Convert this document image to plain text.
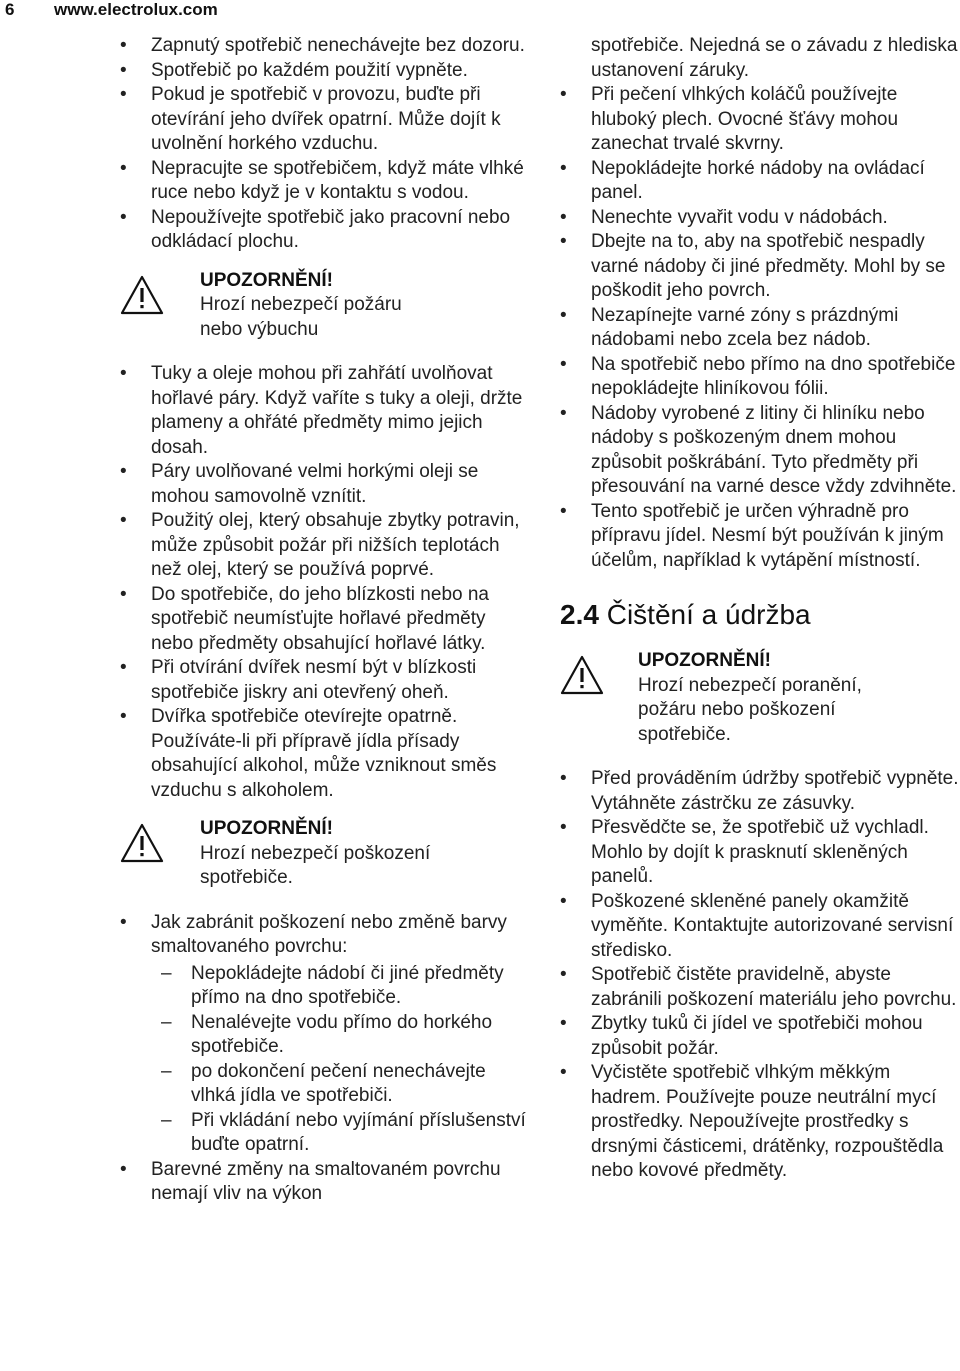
6 www.electrolux.com
• Zapnutý spotřebič nenechávejte bez dozoru.
• Spotřebič po každém použití vypněte.
• Pokud je spotřebič v provozu, buďte při otevírání jeho dvířek opatrní. Může dojít k uvolnění horkého vzduchu.
• Nepracujte se spotřebičem, když máte vlhké ruce nebo když je v kontaktu s vodou.
• Nepoužívejte spotřebič jako pracovní nebo odkládací plochu.
UPOZORNĚNÍ!
Hrozí nebezpečí požáru
nebo výbuchu
• Tuky a oleje mohou při zahřátí uvolňovat hořlavé páry. Když vaříte s tuky a oleji, držte plameny a ohřáté předměty mimo jejich dosah.
• Páry uvolňované velmi horkými oleji se mohou samovolně vznítit.
• Použitý olej, který obsahuje zbytky potravin, může způsobit požár při nižších teplotách než olej, který se používá poprvé.
• Do spotřebiče, do jeho blízkosti nebo na spotřebič neumísťujte hořlavé předměty nebo předměty obsahující hořlavé látky.
• Při otvírání dvířek nesmí být v blízkosti spotřebiče jiskry ani otevřený oheň.
• Dvířka spotřebiče otevírejte opatrně. Používáte-li při přípravě jídla přísady obsahující alkohol, může vzniknout směs vzduchu s alkoholem.
UPOZORNĚNÍ!
Hrozí nebezpečí poškození
spotřebiče.
• Jak zabránit poškození nebo změně barvy smaltovaného povrchu:
– Nepokládejte nádobí či jiné předměty přímo na dno spotřebiče.
– Nenalévejte vodu přímo do horkého spotřebiče.
– po dokončení pečení nenechávejte vlhká jídla ve spotřebiči.
– Při vkládání nebo vyjímání příslušenství buďte opatrní.
• Barevné změny na smaltovaném povrchu nemají vliv na výkon
spotřebiče. Nejedná se o závadu z hlediska ustanovení záruky.
• Při pečení vlhkých koláčů používejte hluboký plech. Ovocné šťávy mohou zanechat trvalé skvrny.
• Nepokládejte horké nádoby na ovládací panel.
• Nenechte vyvařit vodu v nádobách.
• Dbejte na to, aby na spotřebič nespadly varné nádoby či jiné předměty. Mohl by se poškodit jeho povrch.
• Nezapínejte varné zóny s prázdnými nádobami nebo zcela bez nádob.
• Na spotřebič nebo přímo na dno spotřebiče nepokládejte hliníkovou fólii.
• Nádoby vyrobené z litiny či hliníku nebo nádoby s poškozeným dnem mohou způsobit poškrábání. Tyto předměty při přesouvání na varné desce vždy zdvihněte.
• Tento spotřebič je určen výhradně pro přípravu jídel. Nesmí být používán k jiným účelům, například k vytápění místností.
2.4 Čištění a údržba
UPOZORNĚNÍ!
Hrozí nebezpečí poranění,
požáru nebo poškození
spotřebiče.
• Před prováděním údržby spotřebič vypněte.
Vytáhněte zástrčku ze zásuvky.
• Přesvědčte se, že spotřebič už vychladl. Mohlo by dojít k prasknutí skleněných panelů.
• Poškozené skleněné panely okamžitě vyměňte. Kontaktujte autorizované servisní středisko.
• Spotřebič čistěte pravidelně, abyste zabránili poškození materiálu jeho povrchu.
• Zbytky tuků či jídel ve spotřebiči mohou způsobit požár.
• Vyčistěte spotřebič vlhkým měkkým hadrem. Používejte pouze neutrální mycí prostředky. Nepoužívejte prostředky s drsnými částicemi, drátěnky, rozpouštědla nebo kovové předměty.
